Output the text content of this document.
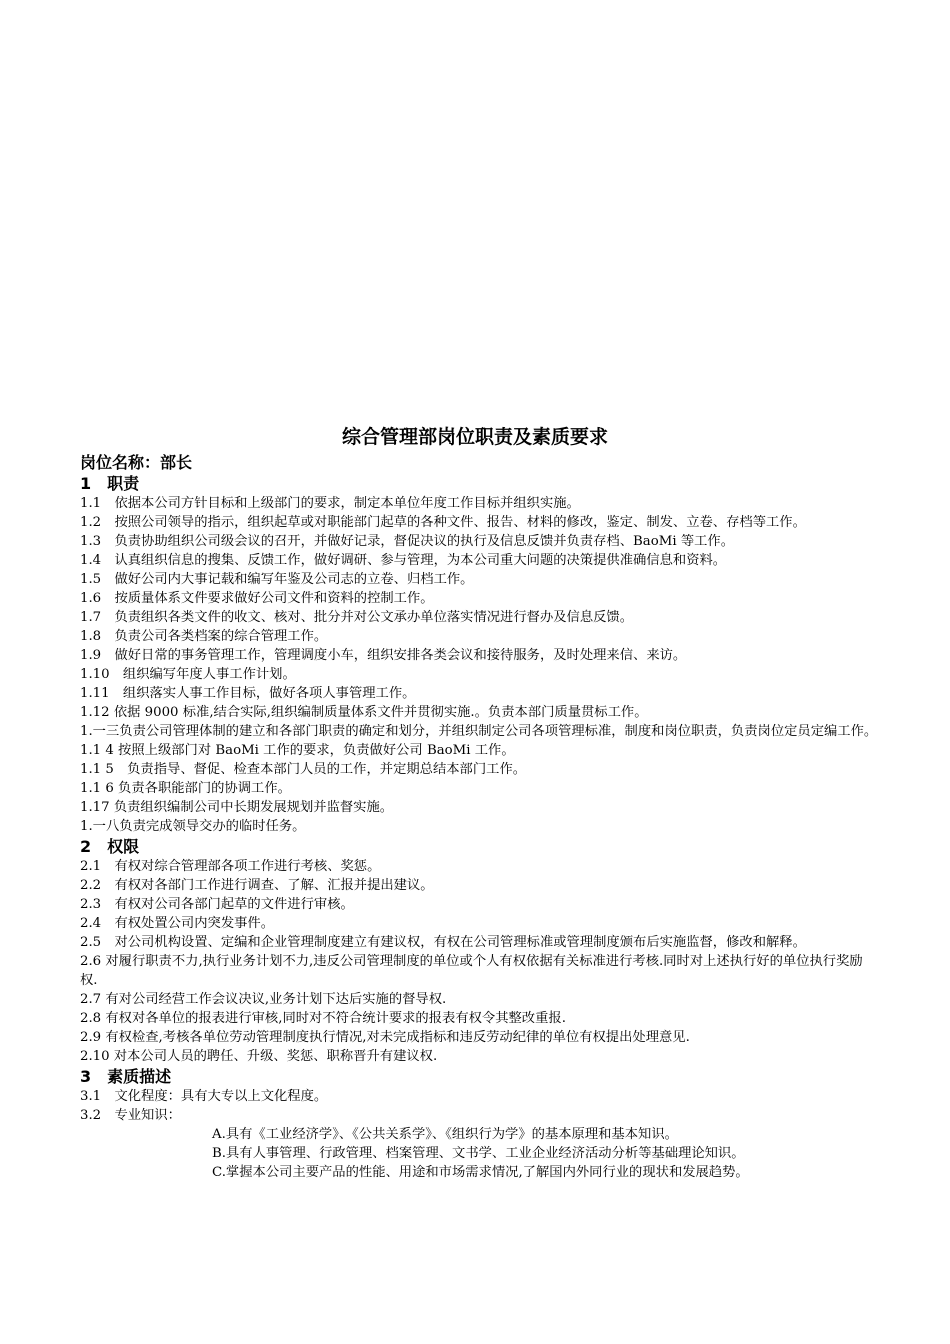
综合管理部岗位职责及素质要求
岗位名称：部长
1　职责

1.1　依据本公司方针目标和上级部门的要求，制定本单位年度工作目标并组织实施。

1.2　按照公司领导的指示，组织起草或对职能部门起草的各种文件、报告、材料的修改，鉴定、制发、立卷、存档等工作。

1.3　负责协助组织公司级会议的召开，并做好记录，督促决议的执行及信息反馈并负责存档、BaoMi 等工作。

1.4　认真组织信息的搜集、反馈工作，做好调研、参与管理，为本公司重大问题的决策提供准确信息和资料。

1.5　做好公司内大事记载和编写年鉴及公司志的立卷、归档工作。

1.6　按质量体系文件要求做好公司文件和资料的控制工作。

1.7　负责组织各类文件的收文、核对、批分并对公文承办单位落实情况进行督办及信息反馈。

1.8　负责公司各类档案的综合管理工作。

1.9　做好日常的事务管理工作，管理调度小车，组织安排各类会议和接待服务，及时处理来信、来访。

1.10　组织编写年度人事工作计划。

1.11　组织落实人事工作目标，做好各项人事管理工作。

1.12 依据 9000 标准,结合实际,组织编制质量体系文件并贯彻实施.。负责本部门质量贯标工作。

1.一三负责公司管理体制的建立和各部门职责的确定和划分，并组织制定公司各项管理标准，制度和岗位职责，负责岗位定员定编工作。

1.1 4 按照上级部门对 BaoMi 工作的要求，负责做好公司 BaoMi 工作。

1.1 5　负责指导、督促、检查本部门人员的工作，并定期总结本部门工作。

1.1 6 负责各职能部门的协调工作。

1.17 负责组织编制公司中长期发展规划并监督实施。

1.一八负责完成领导交办的临时任务。

2　权限

2.1　有权对综合管理部各项工作进行考核、奖惩。

2.2　有权对各部门工作进行调查、了解、汇报并提出建议。

2.3　有权对公司各部门起草的文件进行审核。

2.4　有权处置公司内突发事件。

2.5　对公司机构设置、定编和企业管理制度建立有建议权，有权在公司管理标准或管理制度颁布后实施监督，修改和解释。

2.6 对履行职责不力,执行业务计划不力,违反公司管理制度的单位或个人有权依据有关标准进行考核.同时对上述执行好的单位执行奖励权.

2.7 有对公司经营工作会议决议,业务计划下达后实施的督导权.

2.8 有权对各单位的报表进行审核,同时对不符合统计要求的报表有权令其整改重报.

2.9 有权检查,考核各单位劳动管理制度执行情况,对未完成指标和违反劳动纪律的单位有权提出处理意见.

2.10 对本公司人员的聘任、升级、奖惩、职称晋升有建议权.

3　素质描述

3.1　文化程度：具有大专以上文化程度。

3.2　专业知识：

A.具有《工业经济学》、《公共关系学》、《组织行为学》的基本原理和基本知识。

B.具有人事管理、行政管理、档案管理、文书学、工业企业经济活动分析等基础理论知识。

C.掌握本公司主要产品的性能、用途和市场需求情况,了解国内外同行业的现状和发展趋势。
